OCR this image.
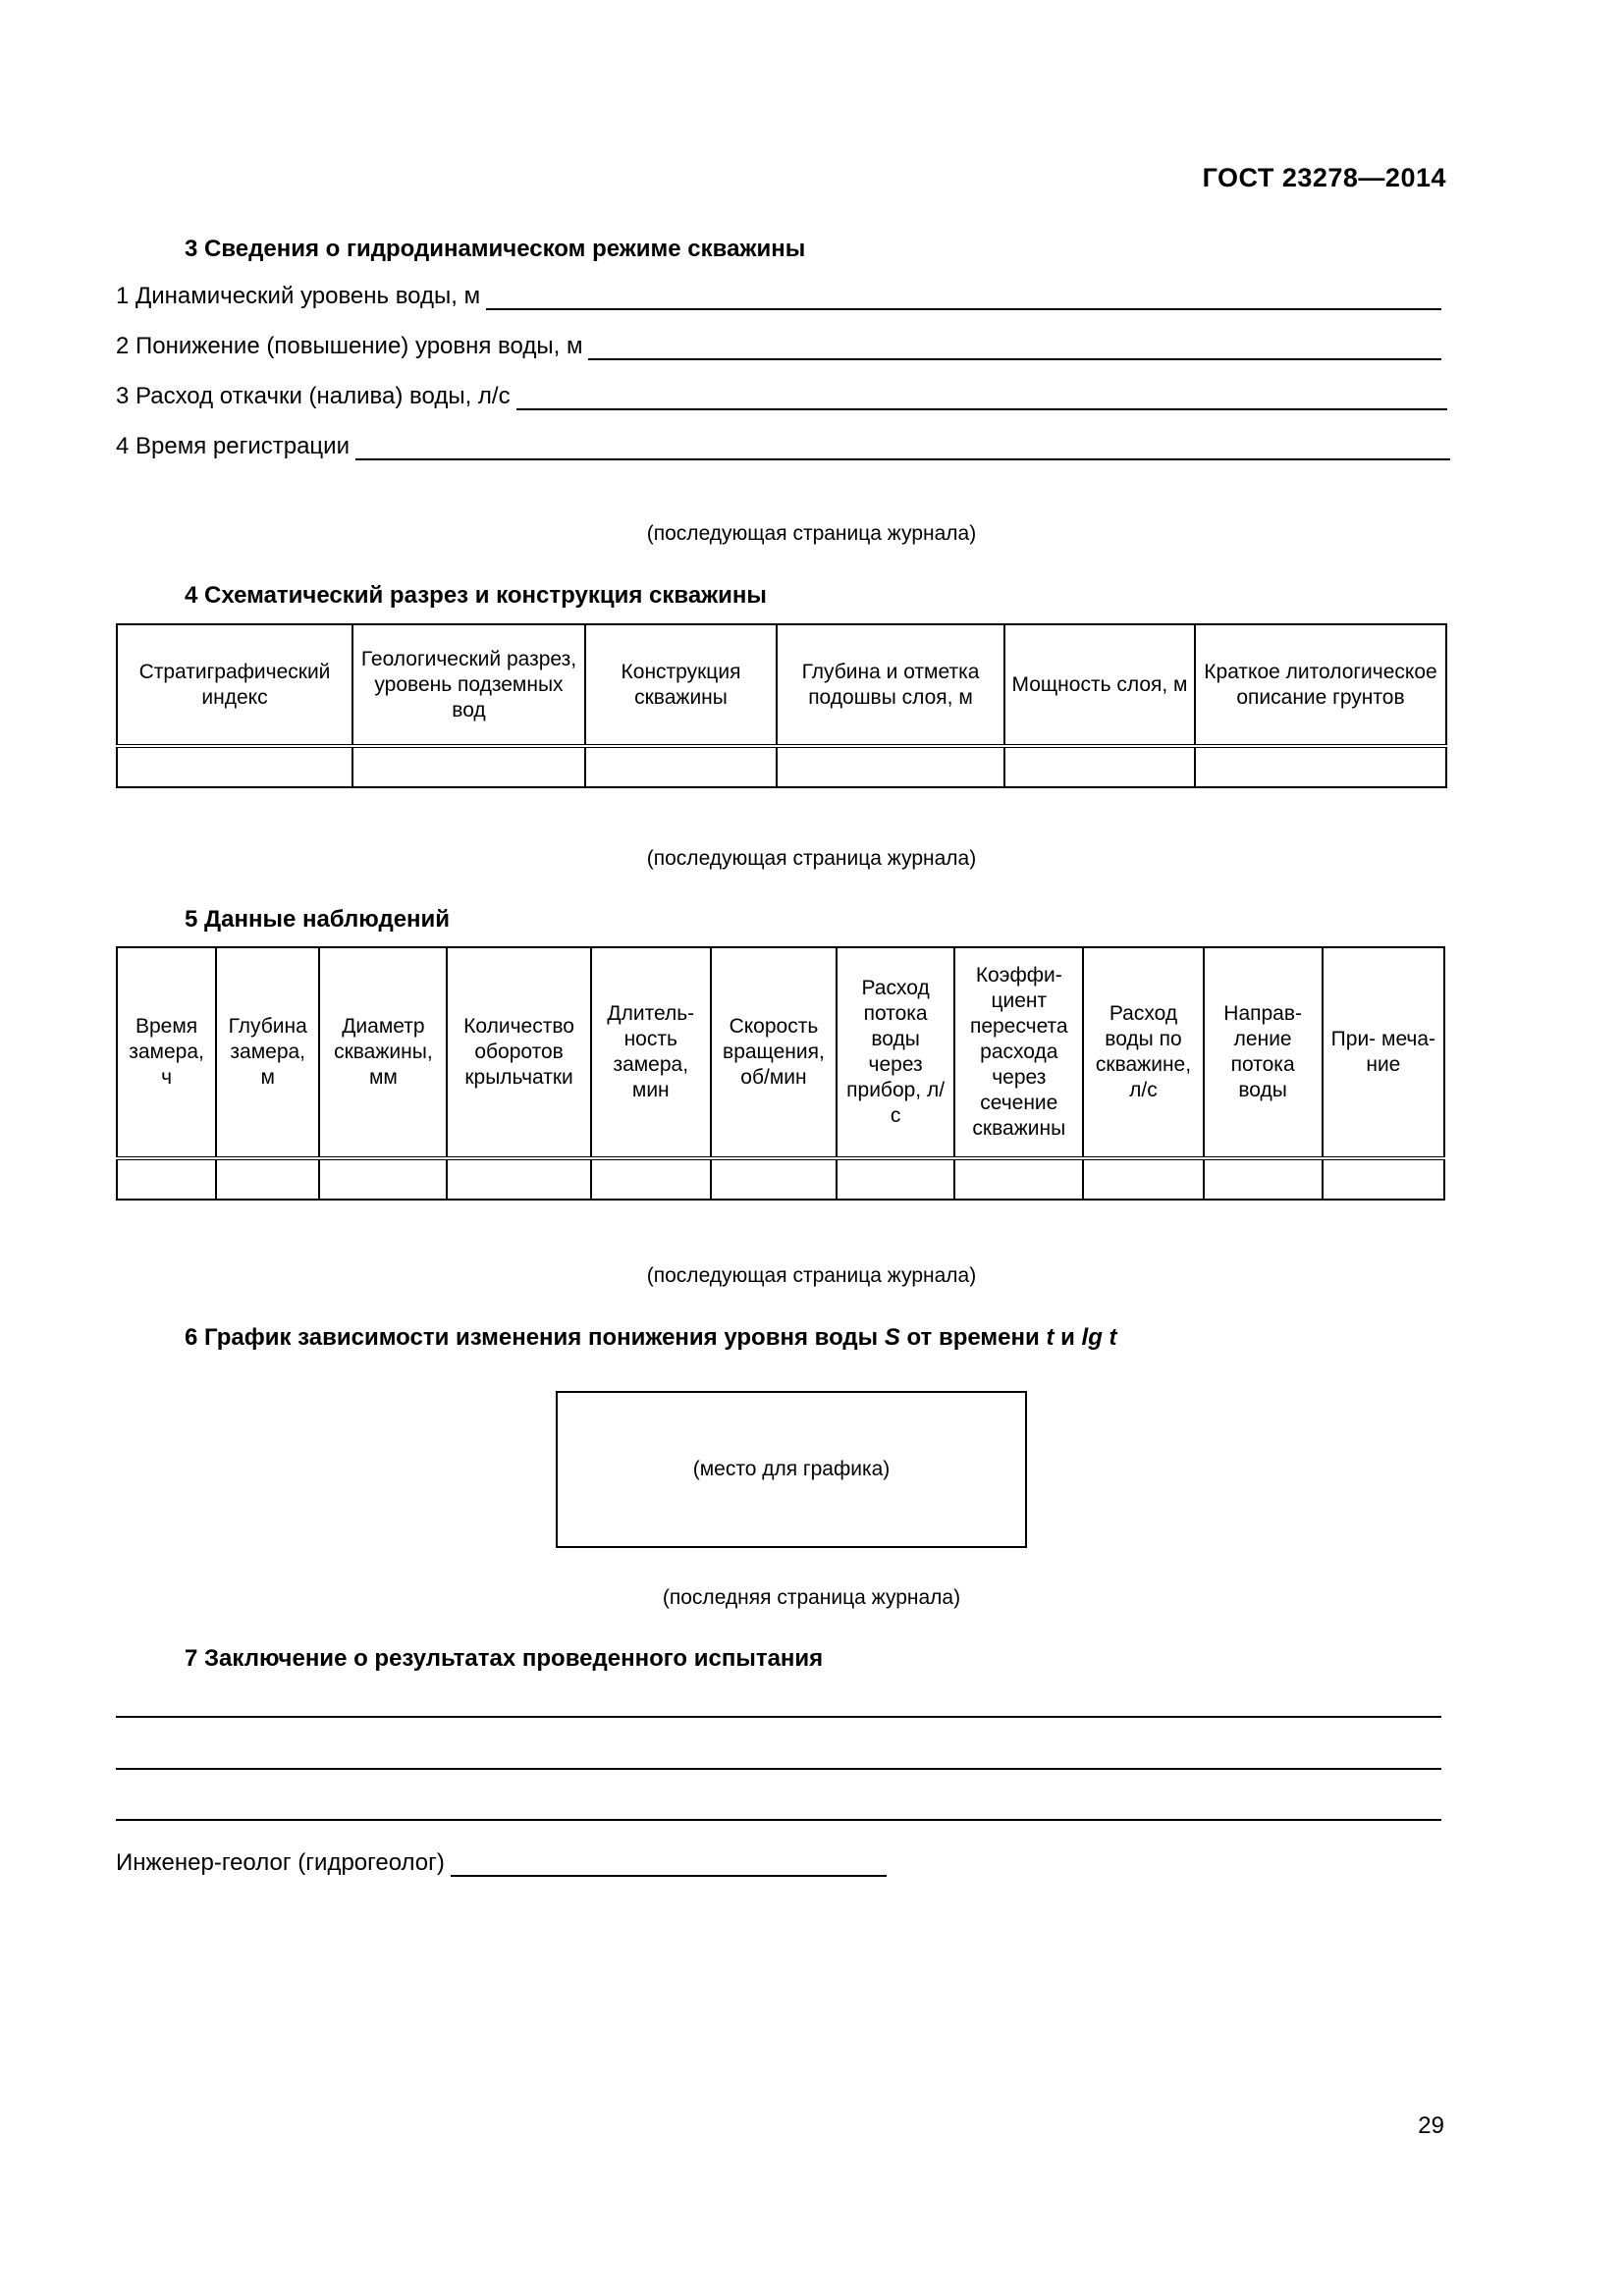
ГОСТ 23278—2014
3 Сведения о гидродинамическом режиме скважины
1 Динамический уровень воды, м
2 Понижение (повышение) уровня воды, м
3 Расход откачки (налива) воды, л/с
4 Время регистрации
(последующая страница журнала)
4 Схематический разрез и конструкция скважины
Стратиграфический индекс	Геологический разрез, уровень подземных вод	Конструкция скважины	Глубина и отметка подошвы слоя, м	Мощность слоя, м	Краткое литологическое описание грунтов

(последующая страница журнала)
5 Данные наблюдений
Время замера, ч	Глубина замера, м	Диаметр скважины, мм	Количество оборотов крыльчатки	Длитель- ность замера, мин	Скорость вращения, об/мин	Расход потока воды через прибор, л/с	Коэффи- циент пересчета расхода через сечение скважины	Расход воды по скважине, л/с	Направ- ление потока воды	При- меча- ние

(последующая страница журнала)
6 График зависимости изменения понижения уровня воды S от времени t и lg t
(место для графика)
(последняя страница журнала)
7 Заключение о результатах проведенного испытания
Инженер-геолог (гидрогеолог)
29
